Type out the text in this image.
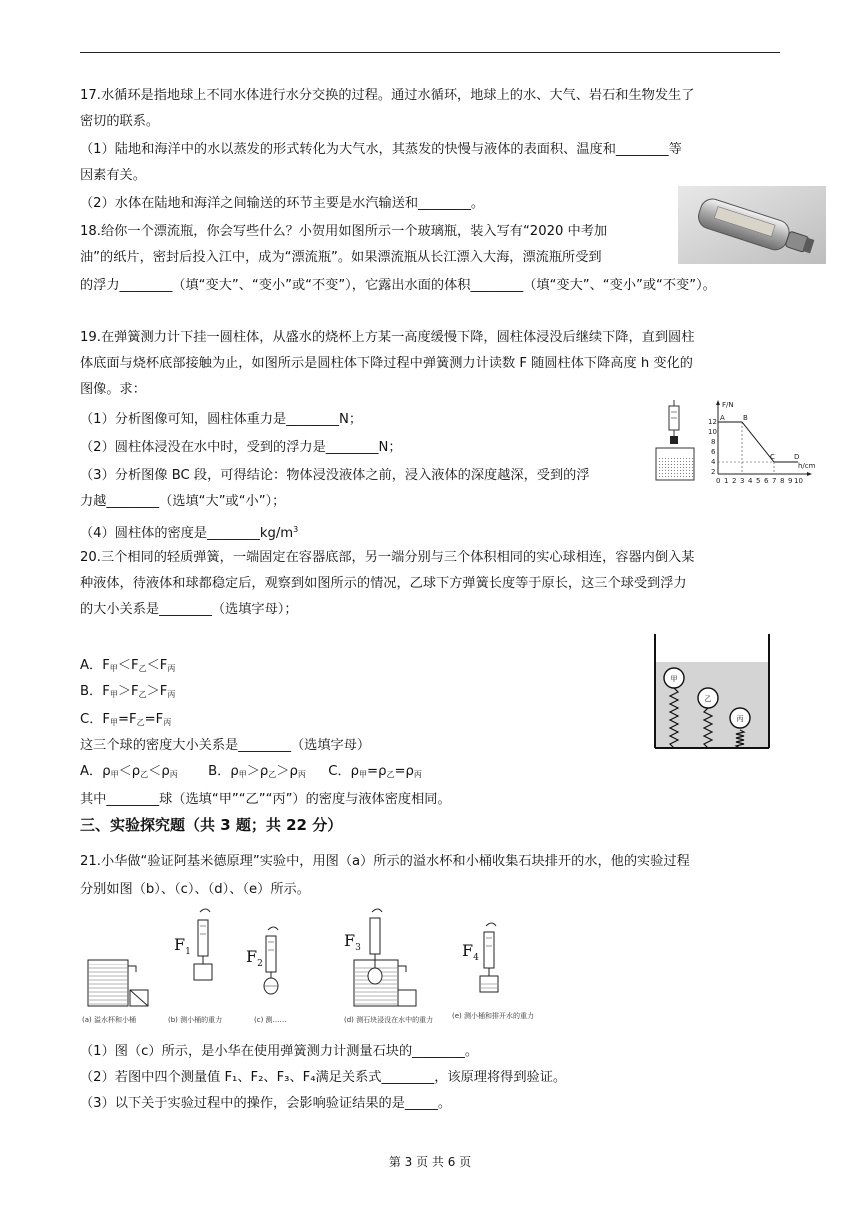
17.水循环是指地球上不同水体进行水分交换的过程。通过水循环，地球上的水、大气、岩石和生物发生了
密切的联系。
（1）陆地和海洋中的水以蒸发的形式转化为大气水，其蒸发的快慢与液体的表面积、温度和________等
因素有关。
（2）水体在陆地和海洋之间输送的环节主要是水汽输送和________。
18.给你一个漂流瓶，你会写些什么？小贺用如图所示一个玻璃瓶，装入写有“2020 中考加
油”的纸片，密封后投入江中，成为“漂流瓶”。如果漂流瓶从长江漂入大海，漂流瓶所受到
的浮力________（填“变大”、“变小”或“不变”），它露出水面的体积________（填“变大”、“变小”或“不变”）。
19.在弹簧测力计下挂一圆柱体，从盛水的烧杯上方某一高度缓慢下降，圆柱体浸没后继续下降，直到圆柱
体底面与烧杯底部接触为止，如图所示是圆柱体下降过程中弹簧测力计读数 F 随圆柱体下降高度 h 变化的
图像。求：
（1）分析图像可知，圆柱体重力是________N；
（2）圆柱体浸没在水中时，受到的浮力是________N；
（3）分析图像 BC 段，可得结论：物体浸没液体之前，浸入液体的深度越深，受到的浮
力越________（选填“大”或“小”）；
（4）圆柱体的密度是$\_\_\_\_\_\_\_\_kg/m^3$
F/N
h/cm
12
10
8
6
4
2
0 1 2 3 4 5 6 7 8 9 10
A	B
C	D
20.三个相同的轻质弹簧，一端固定在容器底部，另一端分别与三个体积相同的实心球相连，容器内倒入某
种液体，待液体和球都稳定后，观察到如图所示的情况，乙球下方弹簧长度等于原长，这三个球受到浮力
的大小关系是________（选填字母）；
A．$F_甲<F_乙<F_丙$
B．$F_甲>F_乙>F_丙$
C．$F_甲=F_乙=F_丙$
这三个球的密度大小关系是________（选填字母）
A．$\rho_甲<\rho_乙<\rho_丙$ B．$\rho_甲>\rho_乙>\rho_丙$ C．$\rho_甲=\rho_乙=\rho_丙$
其中________球（选填“甲”“乙”“丙”）的密度与液体密度相同。
甲
乙
丙
三、实验探究题（共 3 题；共 22 分）
21.小华做“验证阿基米德原理”实验中，用图（a）所示的溢水杯和小桶收集石块排开的水，他的实验过程
分别如图（b）、（c）、（d）、（e）所示。
$F_1$	$F_2$
$F_3$	$F_4$
(a) 溢水杯和小桶	(b) 测小桶的重力	(c) 测……	(d) 测石块浸没在水中的重力	(e) 测小桶和排开水的重力
（1）图（c）所示，是小华在使用弹簧测力计测量石块的________。
（2）若图中四个测量值 F₁、F₂、F₃、F₄满足关系式________，该原理将得到验证。
（3）以下关于实验过程中的操作，会影响验证结果的是_____。
第 3 页 共 6 页
